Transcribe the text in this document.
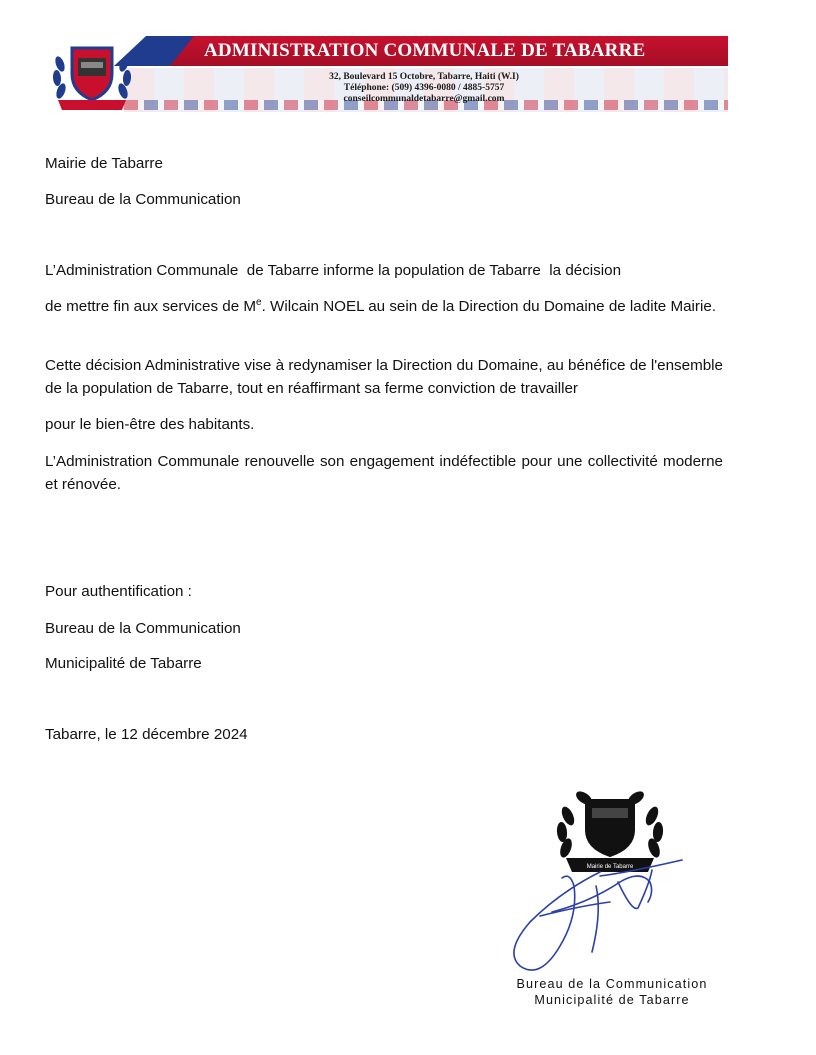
ADMINISTRATION COMMUNALE DE TABARRE
32, Boulevard 15 Octobre, Tabarre, Haiti (W.I)
Téléphone: (509) 4396-0080 / 4885-5757
conseilcommunaldetabarre@gmail.com
Mairie de Tabarre
Bureau de la Communication
L’Administration Communale  de Tabarre informe la population de Tabarre  la décision
de mettre fin aux services de Me. Wilcain NOEL au sein de la Direction du Domaine de ladite Mairie.
Cette décision Administrative vise à redynamiser la Direction du Domaine, au bénéfice de l'ensemble de la population de Tabarre, tout en réaffirmant sa ferme conviction de travailler
pour le bien-être des habitants.
L’Administration Communale renouvelle son engagement indéfectible pour une collectivité moderne et rénovée.
Pour authentification :
Bureau de la Communication
Municipalité de Tabarre
Tabarre, le 12 décembre 2024
Mairie de Tabarre
Bureau de la Communication
Municipalité de Tabarre
